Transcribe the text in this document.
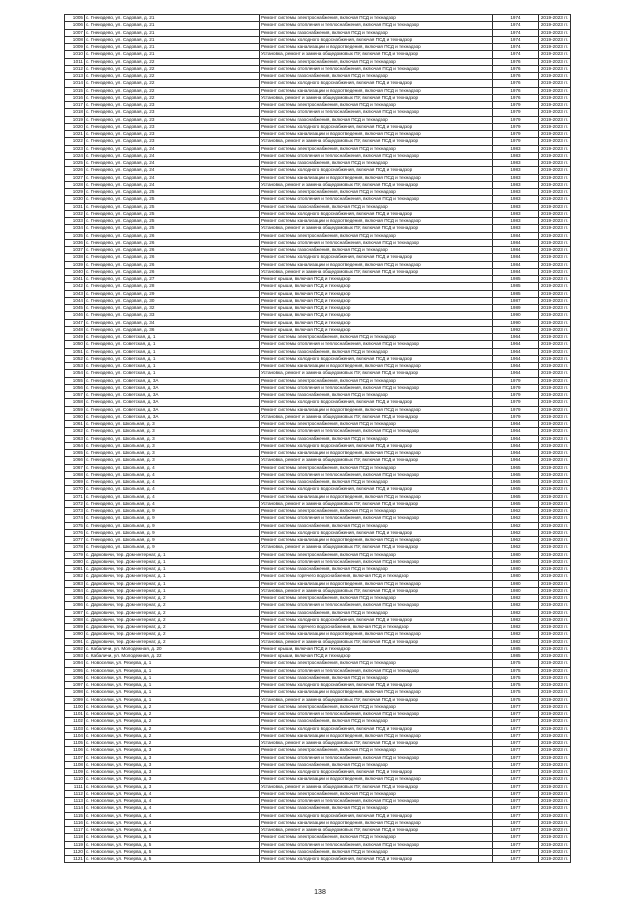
1005	с. Гнеиздево, ул. Садовая, д. 21	Ремонт системы электроснабжения, включая ПСД и технадзор	1974	2019-2023 гг.
1006	с. Гнеиздево, ул. Садовая, д. 21	Ремонт системы отопления и теплоснабжения, включая ПСД и технадзор	1974	2019-2023 гг.
1007	с. Гнеиздево, ул. Садовая, д. 21	Ремонт системы газоснабжения, включая ПСД и технадзор	1974	2019-2023 гг.
1008	с. Гнеиздево, ул. Садовая, д. 21	Ремонт системы холодного водоснабжения, включая ПСД и технадзор	1974	2019-2023 гг.
1009	с. Гнеиздево, ул. Садовая, д. 21	Ремонт системы канализации и водоотведения, включая ПСД и технадзор	1974	2019-2023 гг.
1010	с. Гнеиздево, ул. Садовая, д. 21	Установка, ремонт и замена общедомовых ПУ, включая ПСД и технадзор	1974	2019-2023 гг.
1011	с. Гнеиздево, ул. Садовая, д. 22	Ремонт системы электроснабжения, включая ПСД и технадзор	1976	2019-2023 гг.
1012	с. Гнеиздево, ул. Садовая, д. 22	Ремонт системы отопления и теплоснабжения, включая ПСД и технадзор	1976	2019-2023 гг.
1013	с. Гнеиздево, ул. Садовая, д. 22	Ремонт системы газоснабжения, включая ПСД и технадзор	1976	2019-2023 гг.
1014	с. Гнеиздево, ул. Садовая, д. 22	Ремонт системы холодного водоснабжения, включая ПСД и технадзор	1976	2019-2023 гг.
1015	с. Гнеиздево, ул. Садовая, д. 22	Ремонт системы канализации и водоотведения, включая ПСД и технадзор	1976	2019-2023 гг.
1016	с. Гнеиздево, ул. Садовая, д. 22	Установка, ремонт и замена общедомовых ПУ, включая ПСД и технадзор	1976	2019-2023 гг.
1017	с. Гнеиздево, ул. Садовая, д. 23	Ремонт системы электроснабжения, включая ПСД и технадзор	1979	2019-2023 гг.
1018	с. Гнеиздево, ул. Садовая, д. 23	Ремонт системы отопления и теплоснабжения, включая ПСД и технадзор	1979	2019-2023 гг.
1019	с. Гнеиздево, ул. Садовая, д. 23	Ремонт системы газоснабжения, включая ПСД и технадзор	1979	2019-2023 гг.
1020	с. Гнеиздево, ул. Садовая, д. 23	Ремонт системы холодного водоснабжения, включая ПСД и технадзор	1979	2019-2023 гг.
1021	с. Гнеиздево, ул. Садовая, д. 23	Ремонт системы канализации и водоотведения, включая ПСД и технадзор	1979	2019-2023 гг.
1022	с. Гнеиздево, ул. Садовая, д. 23	Установка, ремонт и замена общедомовых ПУ, включая ПСД и технадзор	1979	2019-2023 гг.
1023	с. Гнеиздево, ул. Садовая, д. 24	Ремонт системы электроснабжения, включая ПСД и технадзор	1983	2019-2023 гг.
1024	с. Гнеиздево, ул. Садовая, д. 24	Ремонт системы отопления и теплоснабжения, включая ПСД и технадзор	1983	2019-2023 гг.
1025	с. Гнеиздево, ул. Садовая, д. 24	Ремонт системы газоснабжения, включая ПСД и технадзор	1983	2019-2023 гг.
1026	с. Гнеиздево, ул. Садовая, д. 24	Ремонт системы холодного водоснабжения, включая ПСД и технадзор	1983	2019-2023 гг.
1027	с. Гнеиздево, ул. Садовая, д. 24	Ремонт системы канализации и водоотведения, включая ПСД и технадзор	1983	2019-2023 гг.
1028	с. Гнеиздево, ул. Садовая, д. 24	Установка, ремонт и замена общедомовых ПУ, включая ПСД и технадзор	1983	2019-2023 гг.
1029	с. Гнеиздево, ул. Садовая, д. 25	Ремонт системы электроснабжения, включая ПСД и технадзор	1983	2019-2023 гг.
1030	с. Гнеиздево, ул. Садовая, д. 25	Ремонт системы отопления и теплоснабжения, включая ПСД и технадзор	1983	2019-2023 гг.
1031	с. Гнеиздево, ул. Садовая, д. 25	Ремонт системы газоснабжения, включая ПСД и технадзор	1983	2019-2023 гг.
1032	с. Гнеиздево, ул. Садовая, д. 25	Ремонт системы холодного водоснабжения, включая ПСД и технадзор	1983	2019-2023 гг.
1033	с. Гнеиздево, ул. Садовая, д. 25	Ремонт системы канализации и водоотведения, включая ПСД и технадзор	1983	2019-2023 гг.
1034	с. Гнеиздево, ул. Садовая, д. 25	Установка, ремонт и замена общедомовых ПУ, включая ПСД и технадзор	1983	2019-2023 гг.
1035	с. Гнеиздево, ул. Садовая, д. 26	Ремонт системы электроснабжения, включая ПСД и технадзор	1984	2019-2023 гг.
1036	с. Гнеиздево, ул. Садовая, д. 26	Ремонт системы отопления и теплоснабжения, включая ПСД и технадзор	1984	2019-2023 гг.
1037	с. Гнеиздево, ул. Садовая, д. 26	Ремонт системы газоснабжения, включая ПСД и технадзор	1984	2019-2023 гг.
1038	с. Гнеиздево, ул. Садовая, д. 26	Ремонт системы холодного водоснабжения, включая ПСД и технадзор	1984	2019-2023 гг.
1039	с. Гнеиздево, ул. Садовая, д. 26	Ремонт системы канализации и водоотведения, включая ПСД и технадзор	1984	2019-2023 гг.
1040	с. Гнеиздево, ул. Садовая, д. 26	Установка, ремонт и замена общедомовых ПУ, включая ПСД и технадзор	1984	2019-2023 гг.
1041	с. Гнеиздево, ул. Садовая, д. 27	Ремонт крыши, включая ПСД и технадзор	1985	2019-2023 гг.
1042	с. Гнеиздево, ул. Садовая, д. 28	Ремонт крыши, включая ПСД и технадзор	1985	2019-2023 гг.
1043	с. Гнеиздево, ул. Садовая, д. 29	Ремонт крыши, включая ПСД и технадзор	1985	2019-2023 гг.
1044	с. Гнеиздево, ул. Садовая, д. 30	Ремонт крыши, включая ПСД и технадзор	1987	2019-2023 гг.
1045	с. Гнеиздево, ул. Садовая, д. 32	Ремонт крыши, включая ПСД и технадзор	1989	2019-2023 гг.
1046	с. Гнеиздево, ул. Садовая, д. 33	Ремонт крыши, включая ПСД и технадзор	1990	2019-2023 гг.
1047	с. Гнеиздево, ул. Садовая, д. 34	Ремонт крыши, включая ПСД и технадзор	1990	2019-2023 гг.
1048	с. Гнеиздево, ул. Садовая, д. 36	Ремонт крыши, включая ПСД и технадзор	1992	2019-2023 гг.
1049	с. Гнеиздево, ул. Советская, д. 1	Ремонт системы электроснабжения, включая ПСД и технадзор	1964	2019-2023 гг.
1050	с. Гнеиздево, ул. Советская, д. 1	Ремонт системы отопления и теплоснабжения, включая ПСД и технадзор	1964	2019-2023 гг.
1051	с. Гнеиздево, ул. Советская, д. 1	Ремонт системы газоснабжения, включая ПСД и технадзор	1964	2019-2023 гг.
1052	с. Гнеиздево, ул. Советская, д. 1	Ремонт системы холодного водоснабжения, включая ПСД и технадзор	1964	2019-2023 гг.
1053	с. Гнеиздево, ул. Советская, д. 1	Ремонт системы канализации и водоотведения, включая ПСД и технадзор	1964	2019-2023 гг.
1054	с. Гнеиздево, ул. Советская, д. 1	Установка, ремонт и замена общедомовых ПУ, включая ПСД и технадзор	1964	2019-2023 гг.
1055	с. Гнеиздево, ул. Советская, д. 3А	Ремонт системы электроснабжения, включая ПСД и технадзор	1979	2019-2023 гг.
1056	с. Гнеиздево, ул. Советская, д. 3А	Ремонт системы отопления и теплоснабжения, включая ПСД и технадзор	1979	2019-2023 гг.
1057	с. Гнеиздево, ул. Советская, д. 3А	Ремонт системы газоснабжения, включая ПСД и технадзор	1979	2019-2023 гг.
1058	с. Гнеиздево, ул. Советская, д. 3А	Ремонт системы холодного водоснабжения, включая ПСД и технадзор	1979	2019-2023 гг.
1059	с. Гнеиздево, ул. Советская, д. 3А	Ремонт системы канализации и водоотведения, включая ПСД и технадзор	1979	2019-2023 гг.
1060	с. Гнеиздево, ул. Советская, д. 3А	Установка, ремонт и замена общедомовых ПУ, включая ПСД и технадзор	1979	2019-2023 гг.
1061	с. Гнеиздево, ул. Школьная, д. 3	Ремонт системы электроснабжения, включая ПСД и технадзор	1964	2019-2023 гг.
1062	с. Гнеиздево, ул. Школьная, д. 3	Ремонт системы отопления и теплоснабжения, включая ПСД и технадзор	1964	2019-2023 гг.
1063	с. Гнеиздево, ул. Школьная, д. 3	Ремонт системы газоснабжения, включая ПСД и технадзор	1964	2019-2023 гг.
1064	с. Гнеиздево, ул. Школьная, д. 3	Ремонт системы холодного водоснабжения, включая ПСД и технадзор	1964	2019-2023 гг.
1065	с. Гнеиздево, ул. Школьная, д. 3	Ремонт системы канализации и водоотведения, включая ПСД и технадзор	1964	2019-2023 гг.
1066	с. Гнеиздево, ул. Школьная, д. 3	Установка, ремонт и замена общедомовых ПУ, включая ПСД и технадзор	1964	2019-2023 гг.
1067	с. Гнеиздево, ул. Школьная, д. 4	Ремонт системы электроснабжения, включая ПСД и технадзор	1965	2019-2023 гг.
1068	с. Гнеиздево, ул. Школьная, д. 4	Ремонт системы отопления и теплоснабжения, включая ПСД и технадзор	1965	2019-2023 гг.
1069	с. Гнеиздево, ул. Школьная, д. 4	Ремонт системы газоснабжения, включая ПСД и технадзор	1965	2019-2023 гг.
1070	с. Гнеиздево, ул. Школьная, д. 4	Ремонт системы холодного водоснабжения, включая ПСД и технадзор	1965	2019-2023 гг.
1071	с. Гнеиздево, ул. Школьная, д. 4	Ремонт системы канализации и водоотведения, включая ПСД и технадзор	1965	2019-2023 гг.
1072	с. Гнеиздево, ул. Школьная, д. 4	Установка, ремонт и замена общедомовых ПУ, включая ПСД и технадзор	1965	2019-2023 гг.
1073	с. Гнеиздево, ул. Школьная, д. 9	Ремонт системы электроснабжения, включая ПСД и технадзор	1962	2019-2023 гг.
1074	с. Гнеиздево, ул. Школьная, д. 9	Ремонт системы отопления и теплоснабжения, включая ПСД и технадзор	1962	2019-2023 гг.
1075	с. Гнеиздево, ул. Школьная, д. 9	Ремонт системы газоснабжения, включая ПСД и технадзор	1962	2019-2023 гг.
1076	с. Гнеиздево, ул. Школьная, д. 9	Ремонт системы холодного водоснабжения, включая ПСД и технадзор	1962	2019-2023 гг.
1077	с. Гнеиздево, ул. Школьная, д. 9	Ремонт системы канализации и водоотведения, включая ПСД и технадзор	1962	2019-2023 гг.
1078	с. Гнеиздево, ул. Школьная, д. 9	Установка, ремонт и замена общедомовых ПУ, включая ПСД и технадзор	1962	2019-2023 гг.
1079	с. Дарковичи, тер. Дом-интернат, д. 1	Ремонт системы электроснабжения, включая ПСД и технадзор	1980	2019-2023 гг.
1080	с. Дарковичи, тер. Дом-интернат, д. 1	Ремонт системы отопления и теплоснабжения, включая ПСД и технадзор	1980	2019-2023 гг.
1081	с. Дарковичи, тер. Дом-интернат, д. 1	Ремонт системы газоснабжения, включая ПСД и технадзор	1980	2019-2023 гг.
1082	с. Дарковичи, тер. Дом-интернат, д. 1	Ремонт системы горячего водоснабжения, включая ПСД и технадзор	1980	2019-2023 гг.
1083	с. Дарковичи, тер. Дом-интернат, д. 1	Ремонт системы канализации и водоотведения, включая ПСД и технадзор	1980	2019-2023 гг.
1084	с. Дарковичи, тер. Дом-интернат, д. 1	Установка, ремонт и замена общедомовых ПУ, включая ПСД и технадзор	1980	2019-2023 гг.
1085	с. Дарковичи, тер. Дом-интернат, д. 2	Ремонт системы электроснабжения, включая ПСД и технадзор	1982	2019-2023 гг.
1086	с. Дарковичи, тер. Дом-интернат, д. 2	Ремонт системы отопления и теплоснабжения, включая ПСД и технадзор	1982	2019-2023 гг.
1087	с. Дарковичи, тер. Дом-интернат, д. 2	Ремонт системы газоснабжения, включая ПСД и технадзор	1982	2019-2023 гг.
1088	с. Дарковичи, тер. Дом-интернат, д. 2	Ремонт системы холодного водоснабжения, включая ПСД и технадзор	1982	2019-2023 гг.
1089	с. Дарковичи, тер. Дом-интернат, д. 2	Ремонт системы горячего водоснабжения, включая ПСД и технадзор	1982	2019-2023 гг.
1090	с. Дарковичи, тер. Дом-интернат, д. 2	Ремонт системы канализации и водоотведения, включая ПСД и технадзор	1982	2019-2023 гг.
1091	с. Дарковичи, тер. Дом-интернат, д. 2	Установка, ремонт и замена общедомовых ПУ, включая ПСД и технадзор	1982	2019-2023 гг.
1092	с. Кабаличи, ул. Молодежная, д. 20	Ремонт крыши, включая ПСД и технадзор	1985	2019-2023 гг.
1093	с. Кабаличи, ул. Молодежная, д. 22	Ремонт крыши, включая ПСД и технадзор	1985	2019-2023 гг.
1094	с. Новоселки, ул. Резерва, д. 1	Ремонт системы электроснабжения, включая ПСД и технадзор	1975	2019-2023 гг.
1095	с. Новоселки, ул. Резерва, д. 1	Ремонт системы отопления и теплоснабжения, включая ПСД и технадзор	1975	2019-2023 гг.
1096	с. Новоселки, ул. Резерва, д. 1	Ремонт системы газоснабжения, включая ПСД и технадзор	1975	2019-2023 гг.
1097	с. Новоселки, ул. Резерва, д. 1	Ремонт системы холодного водоснабжения, включая ПСД и технадзор	1975	2019-2023 гг.
1098	с. Новоселки, ул. Резерва, д. 1	Ремонт системы канализации и водоотведения, включая ПСД и технадзор	1975	2019-2023 гг.
1099	с. Новоселки, ул. Резерва, д. 1	Установка, ремонт и замена общедомовых ПУ, включая ПСД и технадзор	1975	2019-2023 гг.
1100	с. Новоселки, ул. Резерва, д. 2	Ремонт системы электроснабжения, включая ПСД и технадзор	1977	2019-2023 гг.
1101	с. Новоселки, ул. Резерва, д. 2	Ремонт системы отопления и теплоснабжения, включая ПСД и технадзор	1977	2019-2023 гг.
1102	с. Новоселки, ул. Резерва, д. 2	Ремонт системы газоснабжения, включая ПСД и технадзор	1977	2019-2023 гг.
1103	с. Новоселки, ул. Резерва, д. 2	Ремонт системы холодного водоснабжения, включая ПСД и технадзор	1977	2019-2023 гг.
1104	с. Новоселки, ул. Резерва, д. 2	Ремонт системы канализации и водоотведения, включая ПСД и технадзор	1977	2019-2023 гг.
1105	с. Новоселки, ул. Резерва, д. 2	Установка, ремонт и замена общедомовых ПУ, включая ПСД и технадзор	1977	2019-2023 гг.
1106	с. Новоселки, ул. Резерва, д. 3	Ремонт системы электроснабжения, включая ПСД и технадзор	1977	2019-2023 гг.
1107	с. Новоселки, ул. Резерва, д. 3	Ремонт системы отопления и теплоснабжения, включая ПСД и технадзор	1977	2019-2023 гг.
1108	с. Новоселки, ул. Резерва, д. 3	Ремонт системы газоснабжения, включая ПСД и технадзор	1977	2019-2023 гг.
1109	с. Новоселки, ул. Резерва, д. 3	Ремонт системы холодного водоснабжения, включая ПСД и технадзор	1977	2019-2023 гг.
1110	с. Новоселки, ул. Резерва, д. 3	Ремонт системы канализации и водоотведения, включая ПСД и технадзор	1977	2019-2023 гг.
1111	с. Новоселки, ул. Резерва, д. 3	Установка, ремонт и замена общедомовых ПУ, включая ПСД и технадзор	1977	2019-2023 гг.
1112	с. Новоселки, ул. Резерва, д. 4	Ремонт системы электроснабжения, включая ПСД и технадзор	1977	2019-2023 гг.
1113	с. Новоселки, ул. Резерва, д. 4	Ремонт системы отопления и теплоснабжения, включая ПСД и технадзор	1977	2019-2023 гг.
1114	с. Новоселки, ул. Резерва, д. 4	Ремонт системы газоснабжения, включая ПСД и технадзор	1977	2019-2023 гг.
1115	с. Новоселки, ул. Резерва, д. 4	Ремонт системы холодного водоснабжения, включая ПСД и технадзор	1977	2019-2023 гг.
1116	с. Новоселки, ул. Резерва, д. 4	Ремонт системы канализации и водоотведения, включая ПСД и технадзор	1977	2019-2023 гг.
1117	с. Новоселки, ул. Резерва, д. 4	Установка, ремонт и замена общедомовых ПУ, включая ПСД и технадзор	1977	2019-2023 гг.
1118	с. Новоселки, ул. Резерва, д. 5	Ремонт системы электроснабжения, включая ПСД и технадзор	1977	2019-2023 гг.
1119	с. Новоселки, ул. Резерва, д. 5	Ремонт системы отопления и теплоснабжения, включая ПСД и технадзор	1977	2019-2023 гг.
1120	с. Новоселки, ул. Резерва, д. 5	Ремонт системы газоснабжения, включая ПСД и технадзор	1977	2019-2023 гг.
1121	с. Новоселки, ул. Резерва, д. 5	Ремонт системы холодного водоснабжения, включая ПСД и технадзор	1977	2019-2023 гг.
138
